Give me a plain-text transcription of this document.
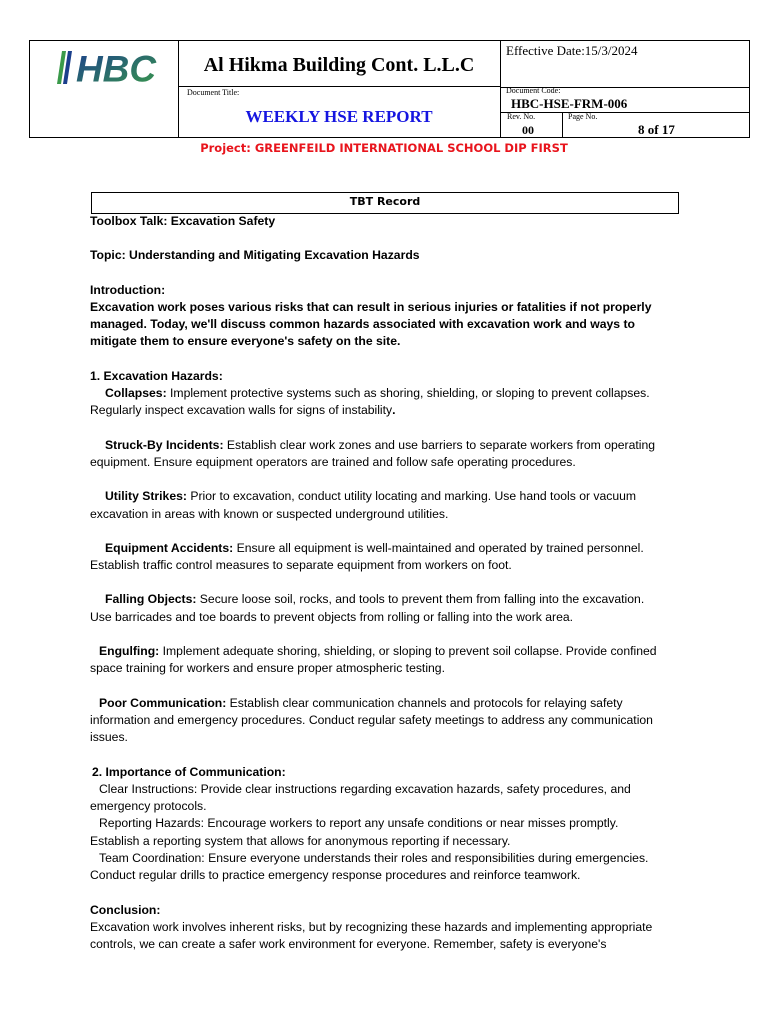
HBC	Al Hikma Building Cont. L.L.C
Document Title:
WEEKLY HSE REPORT
Effective Date:15/3/2024
Document Code:
HBC-HSE-FRM-006
Rev. No.
00
Page No.
8 of 17
Project: GREENFEILD INTERNATIONAL SCHOOL DIP FIRST
TBT Record

Toolbox Talk: Excavation Safety

Topic: Understanding and Mitigating Excavation Hazards

Introduction:

Excavation work poses various risks that can result in serious injuries or fatalities if not properly

managed. Today, we'll discuss common hazards associated with excavation work and ways to

mitigate them to ensure everyone's safety on the site.

1. Excavation Hazards:

Collapses: Implement protective systems such as shoring, shielding, or sloping to prevent collapses.

Regularly inspect excavation walls for signs of instability.

Struck-By Incidents: Establish clear work zones and use barriers to separate workers from operating

equipment. Ensure equipment operators are trained and follow safe operating procedures.

Utility Strikes: Prior to excavation, conduct utility locating and marking. Use hand tools or vacuum

excavation in areas with known or suspected underground utilities.

Equipment Accidents: Ensure all equipment is well-maintained and operated by trained personnel.

Establish traffic control measures to separate equipment from workers on foot.

Falling Objects: Secure loose soil, rocks, and tools to prevent them from falling into the excavation.

Use barricades and toe boards to prevent objects from rolling or falling into the work area.

Engulfing: Implement adequate shoring, shielding, or sloping to prevent soil collapse. Provide confined

space training for workers and ensure proper atmospheric testing.

Poor Communication: Establish clear communication channels and protocols for relaying safety

information and emergency procedures. Conduct regular safety meetings to address any communication

issues.

2. Importance of Communication:

Clear Instructions: Provide clear instructions regarding excavation hazards, safety procedures, and

emergency protocols.

Reporting Hazards: Encourage workers to report any unsafe conditions or near misses promptly.

Establish a reporting system that allows for anonymous reporting if necessary.

Team Coordination: Ensure everyone understands their roles and responsibilities during emergencies.

Conduct regular drills to practice emergency response procedures and reinforce teamwork.

Conclusion:

Excavation work involves inherent risks, but by recognizing these hazards and implementing appropriate

controls, we can create a safer work environment for everyone. Remember, safety is everyone's
